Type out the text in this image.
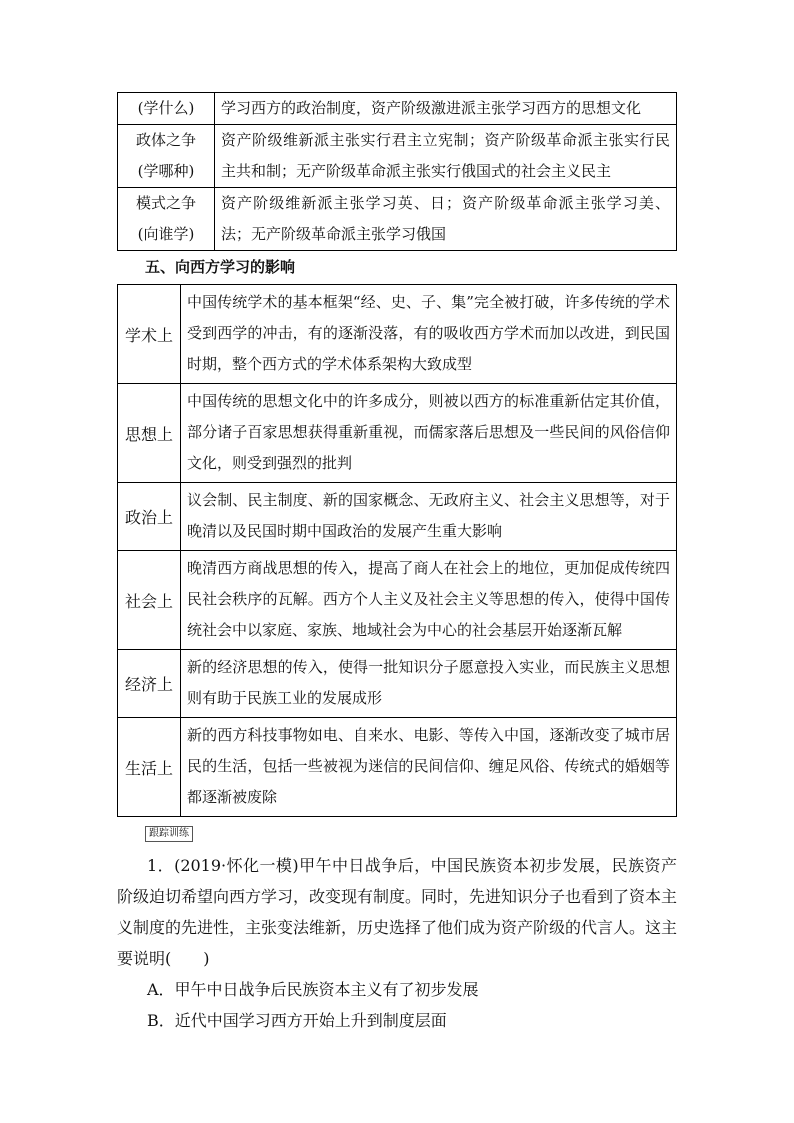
(学什么)	学习西方的政治制度，资产阶级激进派主张学习西方的思想文化

政体之争
(学哪种)	资产阶级维新派主张实行君主立宪制；资产阶级革命派主张实行民主共和制；无产阶级革命派主张实行俄国式的社会主义民主

模式之争
(向谁学)	资产阶级维新派主张学习英、日；资产阶级革命派主张学习美、法；无产阶级革命派主张学习俄国
五、向西方学习的影响
学术上	中国传统学术的基本框架“经、史、子、集”完全被打破，许多传统的学术受到西学的冲击，有的逐渐没落，有的吸收西方学术而加以改进，到民国时期，整个西方式的学术体系架构大致成型
思想上	中国传统的思想文化中的许多成分，则被以西方的标准重新估定其价值，部分诸子百家思想获得重新重视，而儒家落后思想及一些民间的风俗信仰文化，则受到强烈的批判
政治上	议会制、民主制度、新的国家概念、无政府主义、社会主义思想等，对于晚清以及民国时期中国政治的发展产生重大影响
社会上	晚清西方商战思想的传入，提高了商人在社会上的地位，更加促成传统四民社会秩序的瓦解。西方个人主义及社会主义等思想的传入，使得中国传统社会中以家庭、家族、地域社会为中心的社会基层开始逐渐瓦解
经济上	新的经济思想的传入，使得一批知识分子愿意投入实业，而民族主义思想则有助于民族工业的发展成形
生活上	新的西方科技事物如电、自来水、电影、等传入中国，逐渐改变了城市居民的生活，包括一些被视为迷信的民间信仰、缠足风俗、传统式的婚姻等都逐渐被废除
跟踪训练

1．(2019·怀化一模)甲午中日战争后，中国民族资本初步发展，民族资产阶级迫切希望向西方学习，改变现有制度。同时，先进知识分子也看到了资本主义制度的先进性，主张变法维新，历史选择了他们成为资产阶级的代言人。这主要说明(　　)

A．甲午中日战争后民族资本主义有了初步发展

B．近代中国学习西方开始上升到制度层面
